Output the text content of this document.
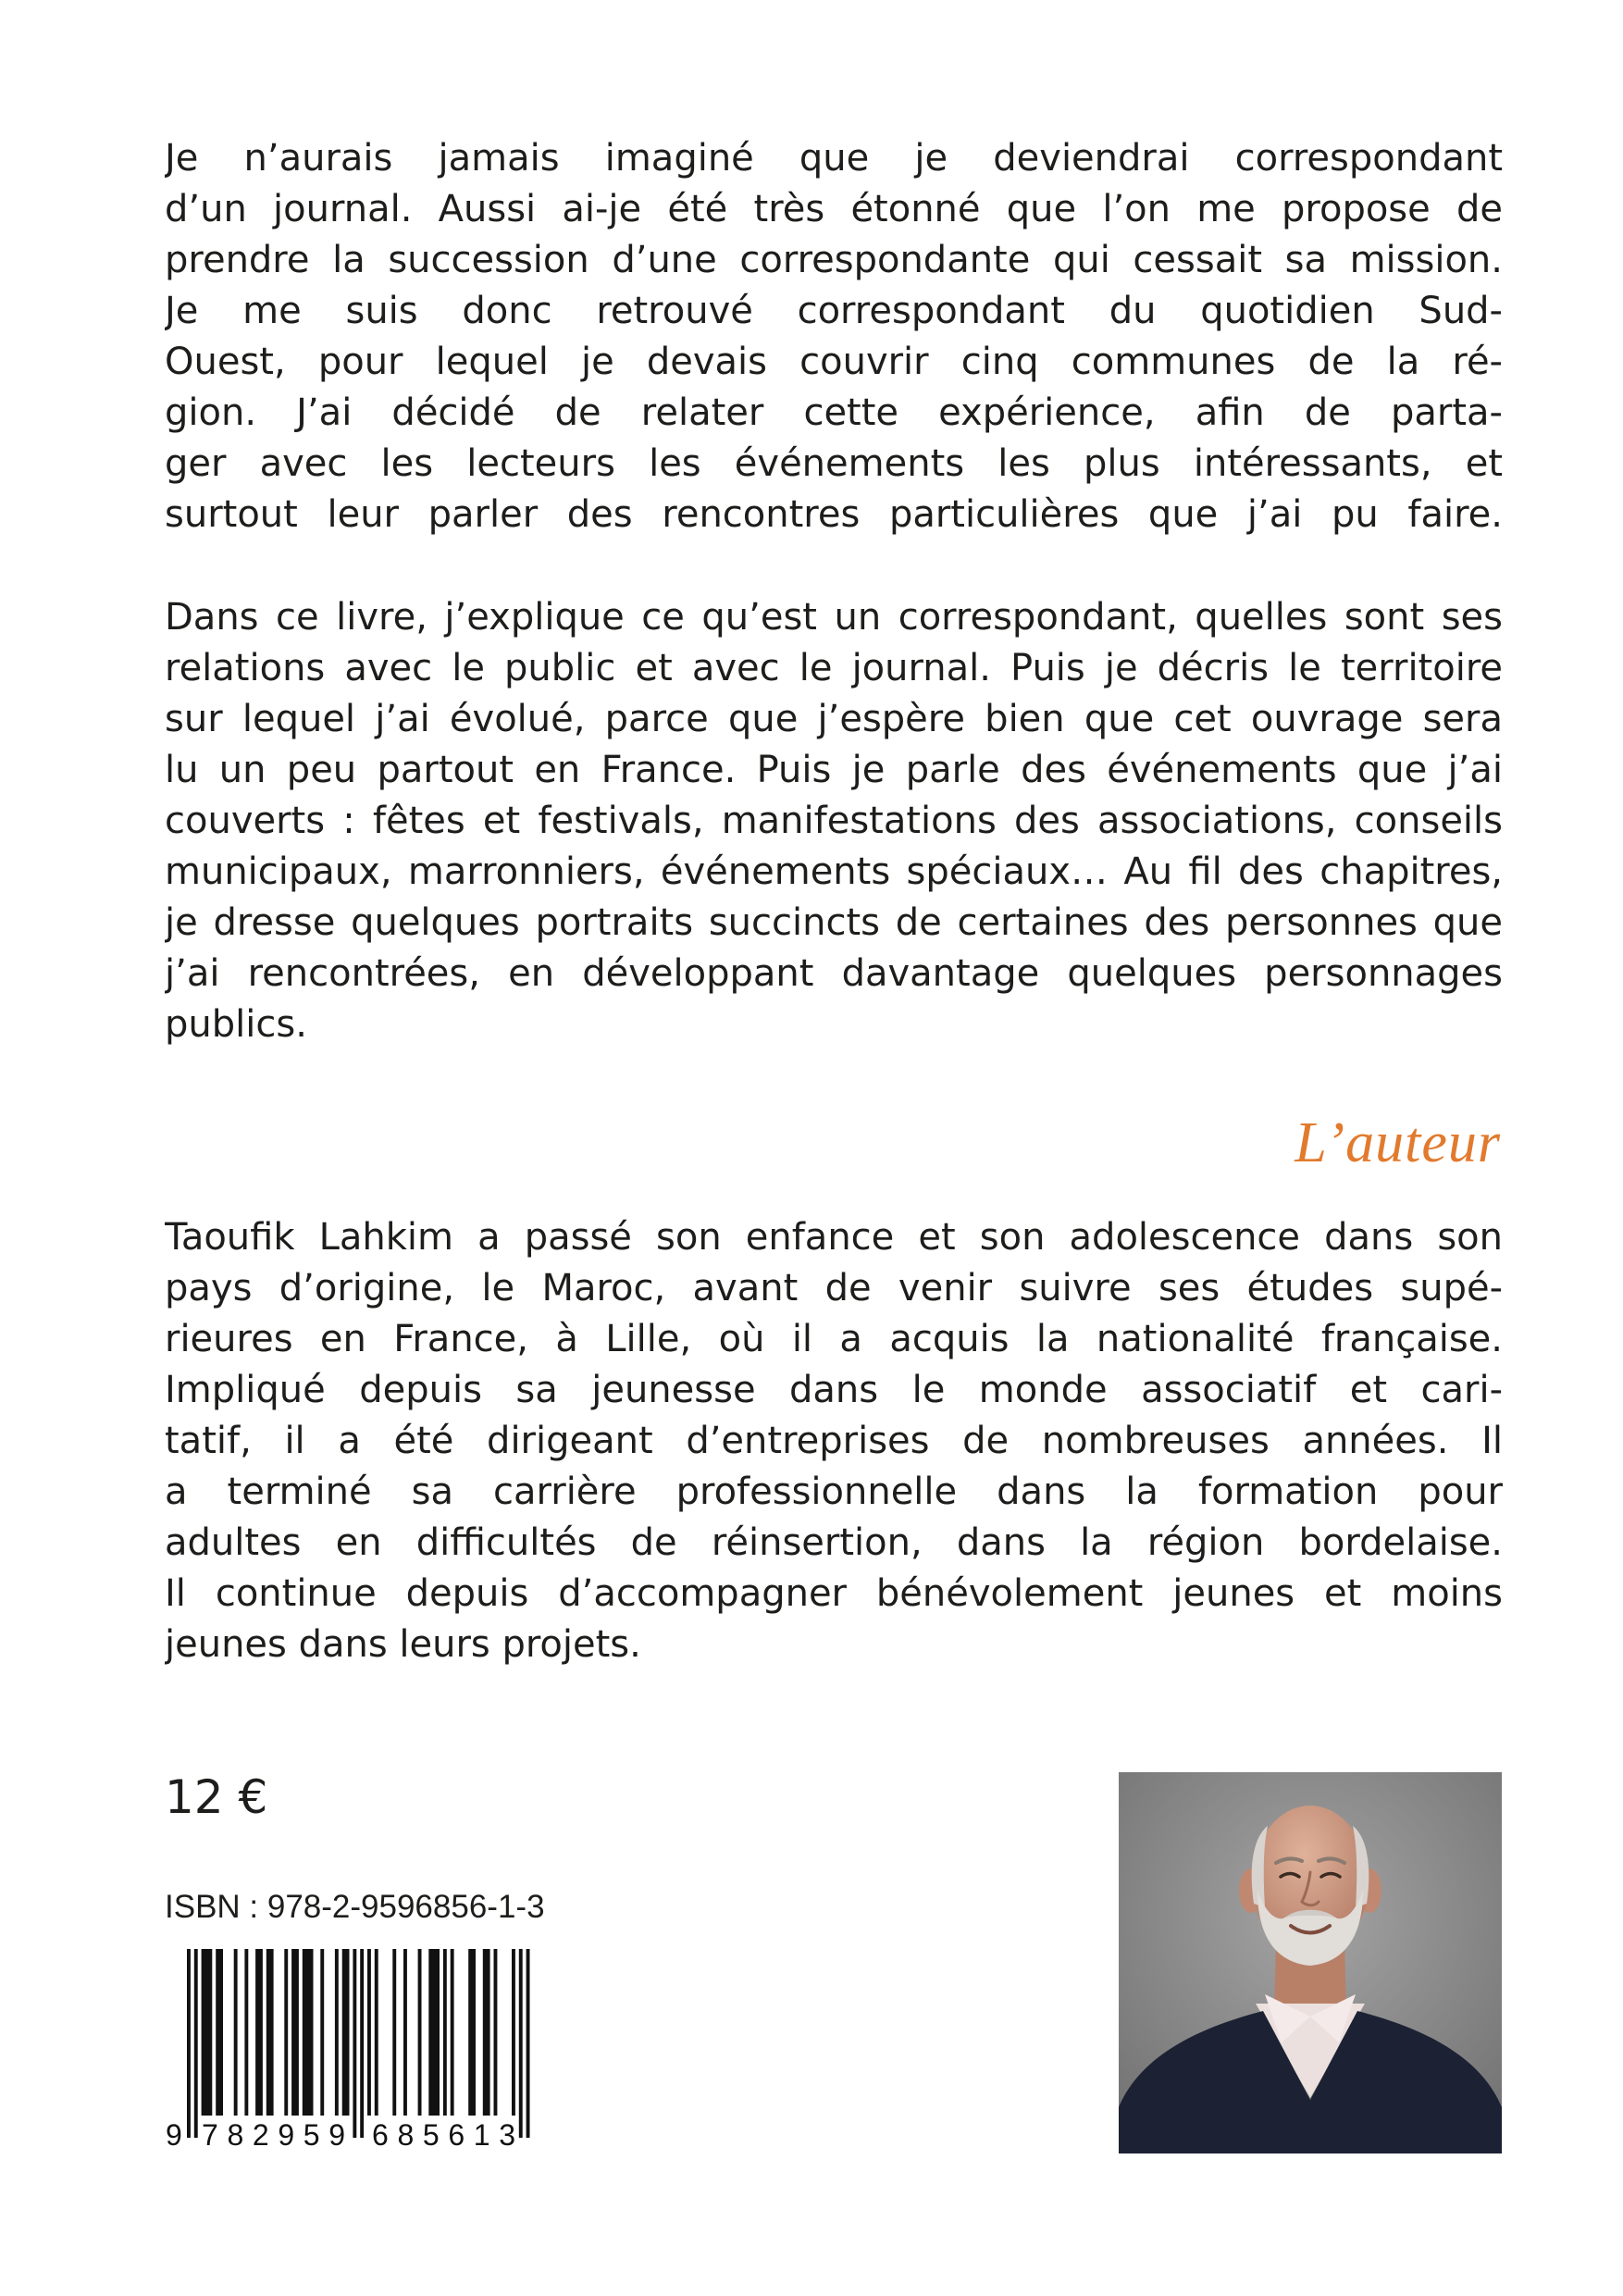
Je n’aurais jamais imaginé que je deviendrai correspondant
d’un journal. Aussi ai-je été très étonné que l’on me propose de
prendre la succession d’une correspondante qui cessait sa mission.
Je me suis donc retrouvé correspondant du quotidien Sud-
Ouest, pour lequel je devais couvrir cinq communes de la ré-
gion. J’ai décidé de relater cette expérience, afin de parta-
ger avec les lecteurs les événements les plus intéressants, et
surtout leur parler des rencontres particulières que j’ai pu faire.
Dans ce livre, j’explique ce qu’est un correspondant, quelles sont ses
relations avec le public et avec le journal. Puis je décris le territoire
sur lequel j’ai évolué, parce que j’espère bien que cet ouvrage sera
lu un peu partout en France. Puis je parle des événements que j’ai
couverts : fêtes et festivals, manifestations des associations, conseils
municipaux, marronniers, événements spéciaux… Au fil des chapitres,
je dresse quelques portraits succincts de certaines des personnes que
j’ai rencontrées, en développant davantage quelques personnages
publics.
L’auteur
Taoufik Lahkim a passé son enfance et son adolescence dans son
pays d’origine, le Maroc, avant de venir suivre ses études supé-
rieures en France, à Lille, où il a acquis la nationalité française.
Impliqué depuis sa jeunesse dans le monde associatif et cari-
tatif, il a été dirigeant d’entreprises de nombreuses années. Il
a terminé sa carrière professionnelle dans la formation pour
adultes en difficultés de réinsertion, dans la région bordelaise.
Il continue depuis d’accompagner bénévolement jeunes et moins
jeunes dans leurs projets.
12 €
ISBN : 978-2-9596856-1-3
9 782959 685613
